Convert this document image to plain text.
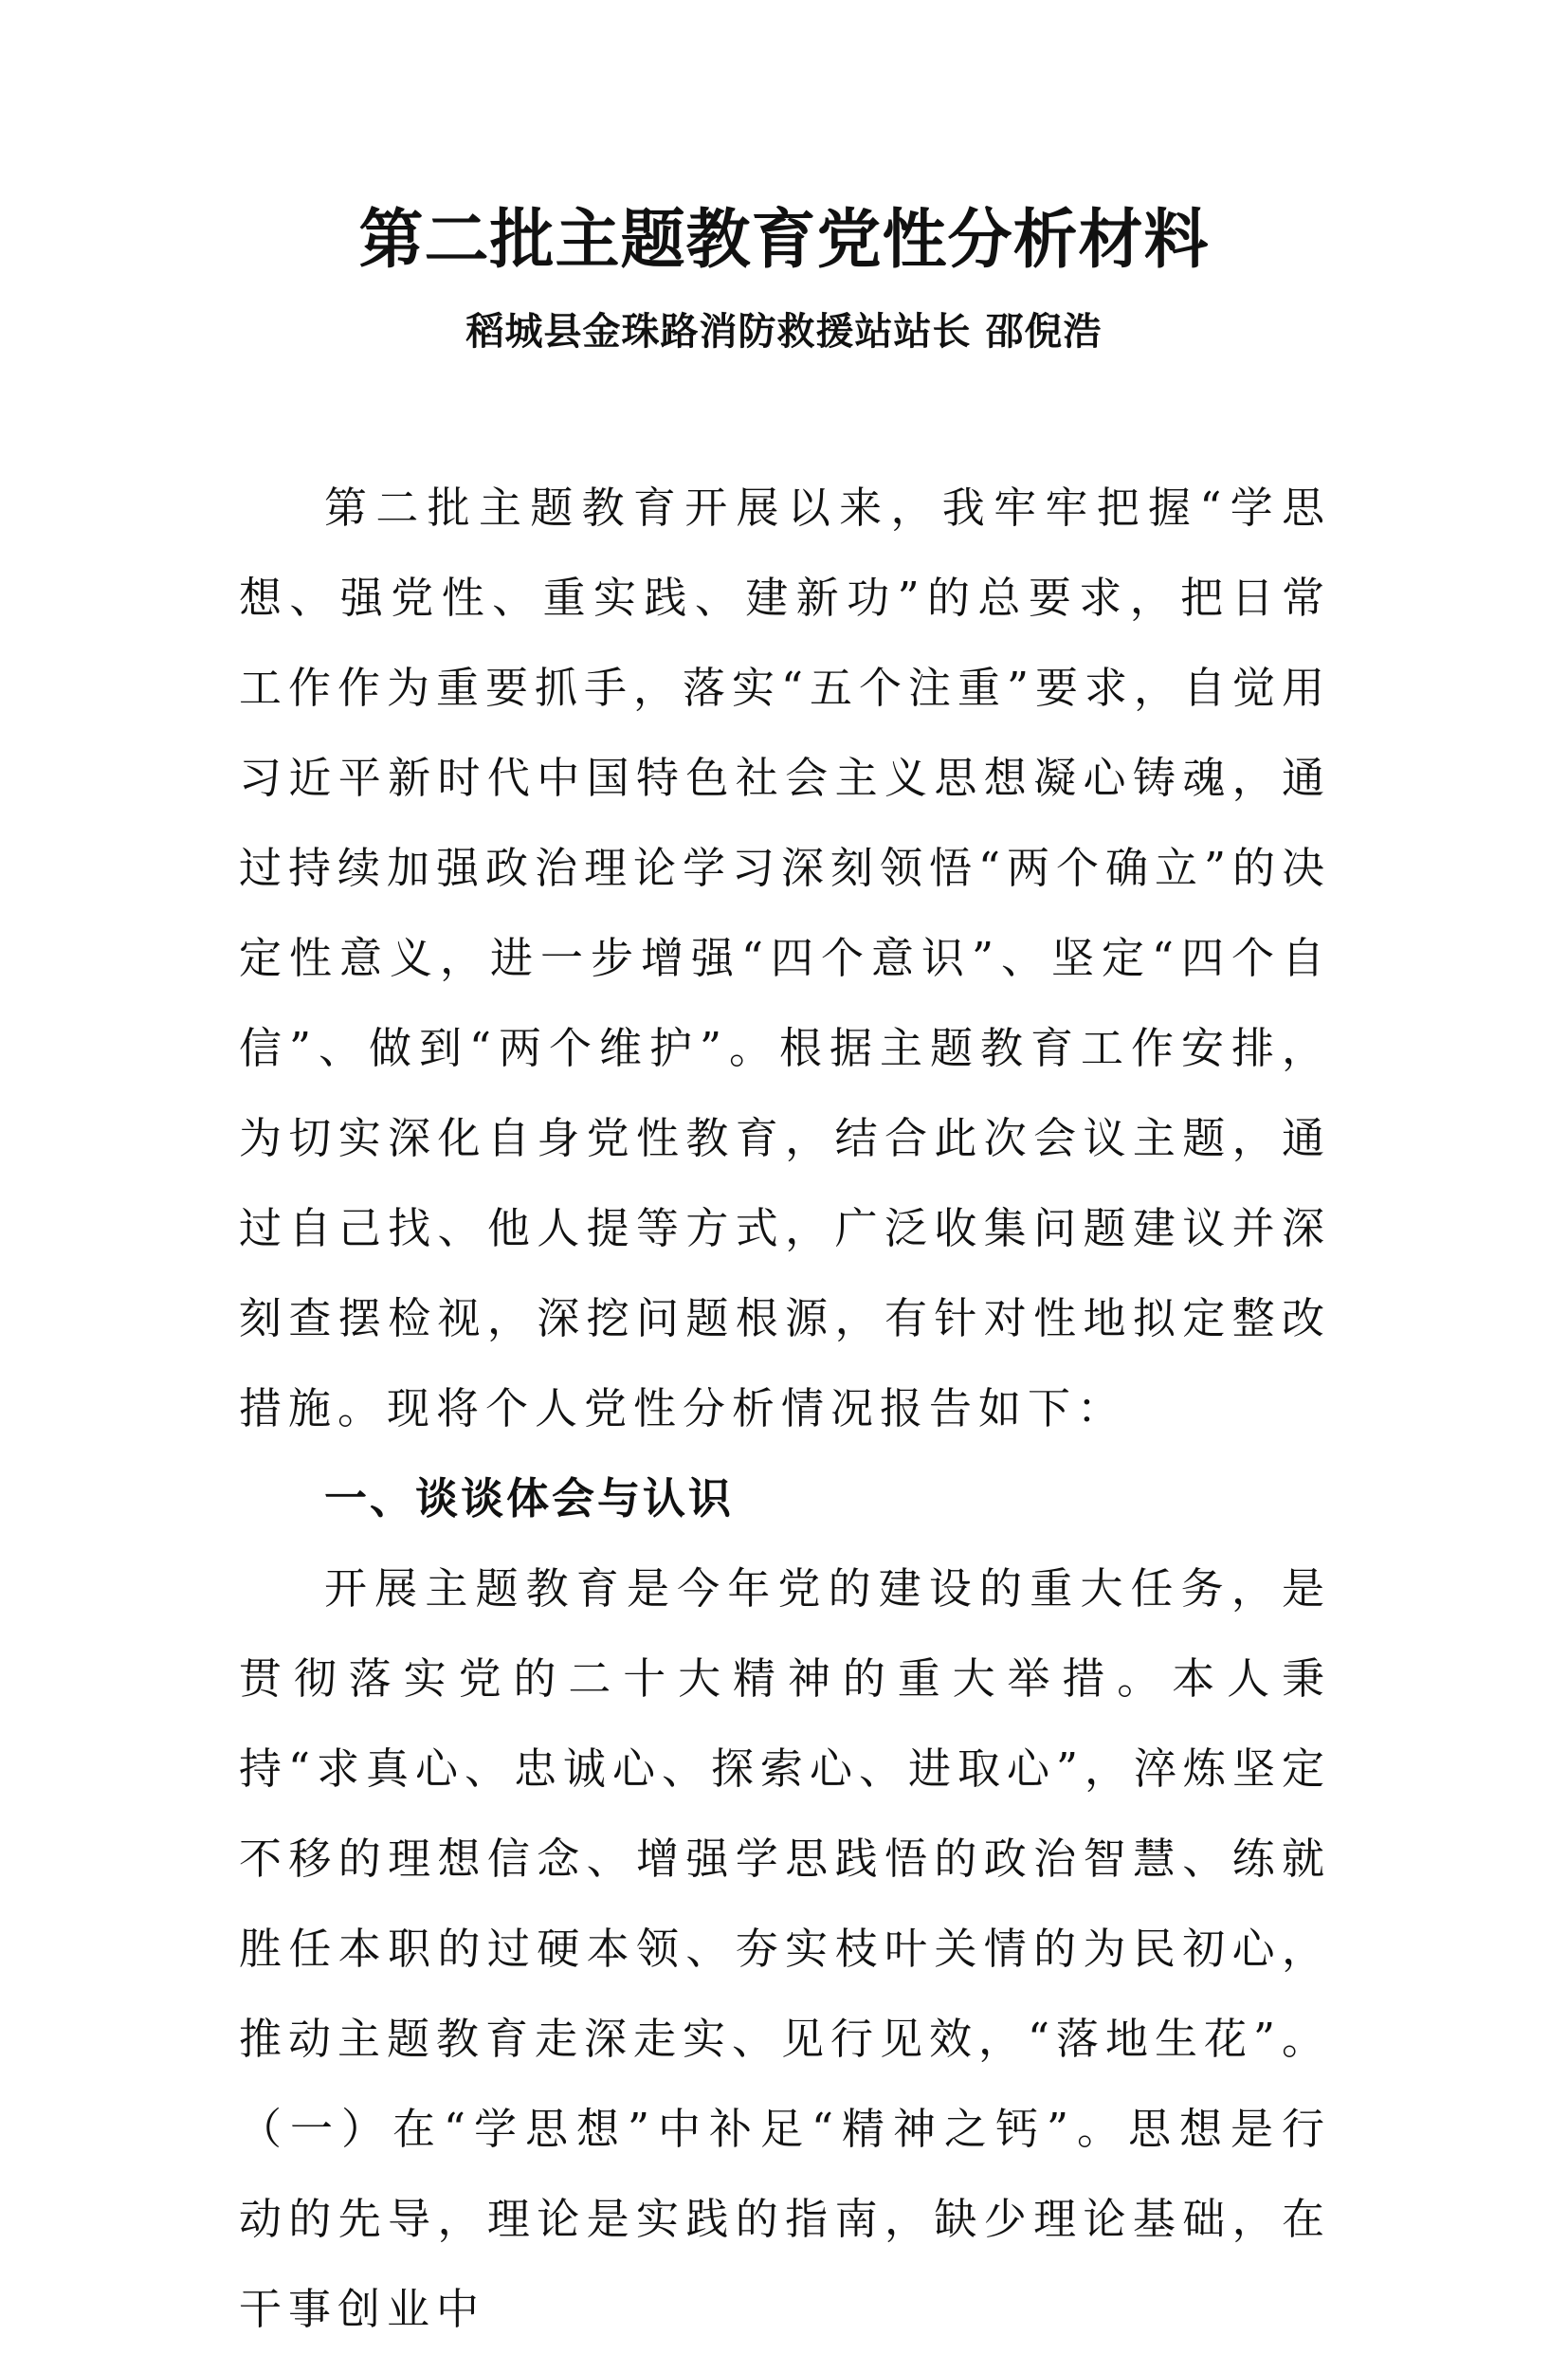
第二批主题教育党性分析材料
稻城县金珠路消防救援站站长 邵倪浩

第二批主题教育开展以来，我牢牢把握“学思想、强党性、重实践、建新功”的总要求，把日常工作作为重要抓手，落实“五个注重”要求，自觉用习近平新时代中国特色社会主义思想凝心铸魂，通过持续加强政治理论学习深刻领悟“两个确立”的决定性意义，进一步增强“四个意识”、坚定“四个自信”、做到“两个维护”。根据主题教育工作安排，为切实深化自身党性教育，结合此次会议主题，通过自己找、他人提等方式，广泛收集问题建议并深刻查摆检视，深挖问题根源，有针对性地拟定整改措施。现将个人党性分析情况报告如下：

一、谈谈体会与认识

开展主题教育是今年党的建设的重大任务，是贯彻落实党的二十大精神的重大举措。本人秉持“求真心、忠诚心、探索心、进取心”，淬炼坚定不移的理想信念、增强学思践悟的政治智慧、练就胜任本职的过硬本领、夯实枝叶关情的为民初心，推动主题教育走深走实、见行见效，“落地生花”。

（一）在“学思想”中补足“精神之钙”。思想是行动的先导，理论是实践的指南，缺少理论基础，在干事创业中
